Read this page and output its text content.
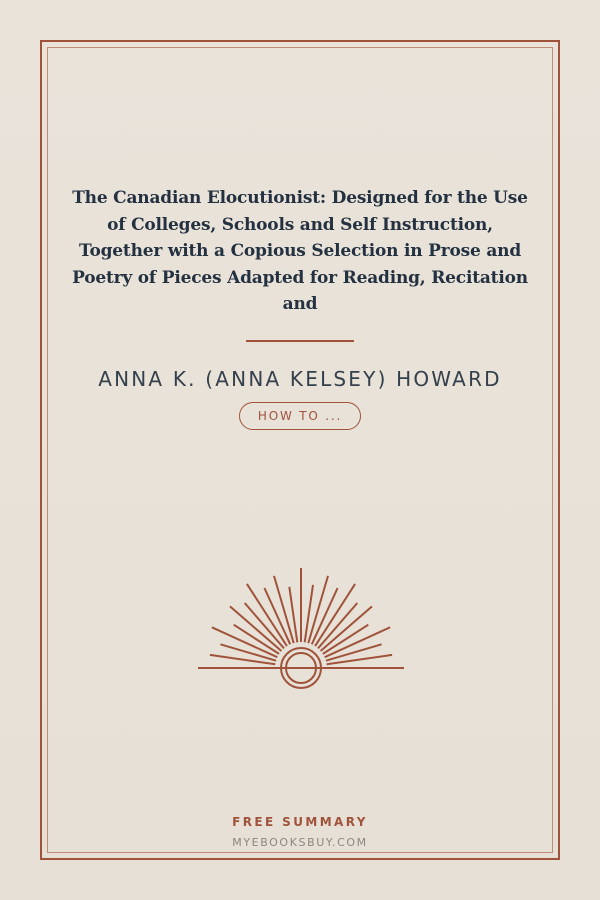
The Canadian Elocutionist: Designed for the Use of Colleges, Schools and Self Instruction, Together with a Copious Selection in Prose and Poetry of Pieces Adapted for Reading, Recitation and
ANNA K. (ANNA KELSEY) HOWARD
HOW TO ...
FREE SUMMARY
MYEBOOKSBUY.COM
